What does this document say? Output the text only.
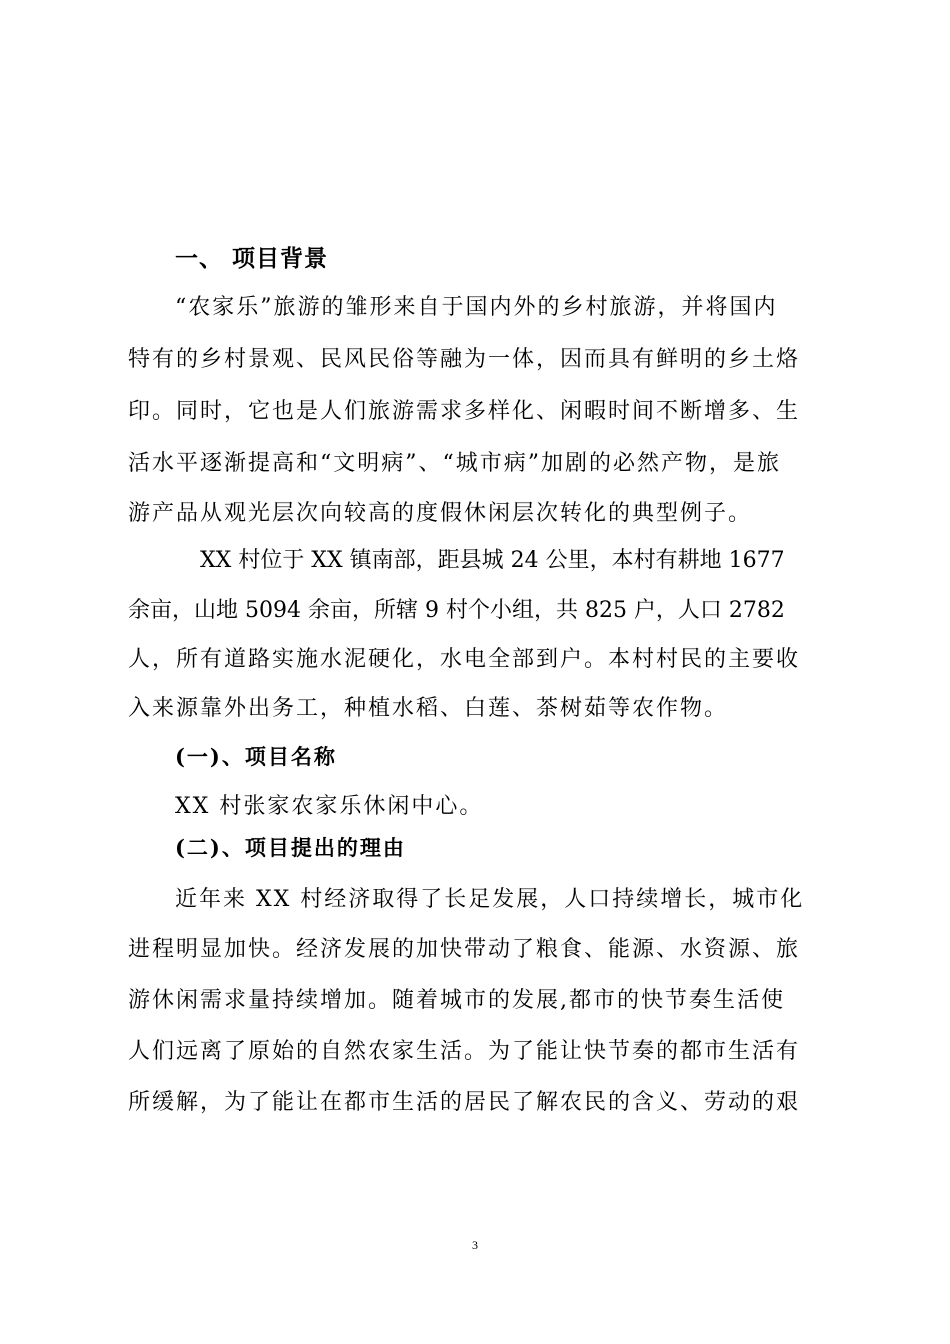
一、 项目背景
“农家乐”旅游的雏形来自于国内外的乡村旅游，并将国内
特有的乡村景观、民风民俗等融为一体，因而具有鲜明的乡土烙
印。同时，它也是人们旅游需求多样化、闲暇时间不断增多、生
活水平逐渐提高和“文明病”、“城市病”加剧的必然产物，是旅
游产品从观光层次向较高的度假休闲层次转化的典型例子。
XX 村位于 XX 镇南部，距县城 24 公里，本村有耕地 1677
余亩，山地 5094 余亩，所辖 9 村个小组，共 825 户，人口 2782
人，所有道路实施水泥硬化，水电全部到户。本村村民的主要收
入来源靠外出务工，种植水稻、白莲、茶树茹等农作物。
(一)、项目名称
XX 村张家农家乐休闲中心。
(二)、项目提出的理由
近年来 XX 村经济取得了长足发展，人口持续增长，城市化
进程明显加快。经济发展的加快带动了粮食、能源、水资源、旅
游休闲需求量持续增加。随着城市的发展,都市的快节奏生活使
人们远离了原始的自然农家生活。为了能让快节奏的都市生活有
所缓解，为了能让在都市生活的居民了解农民的含义、劳动的艰
3
